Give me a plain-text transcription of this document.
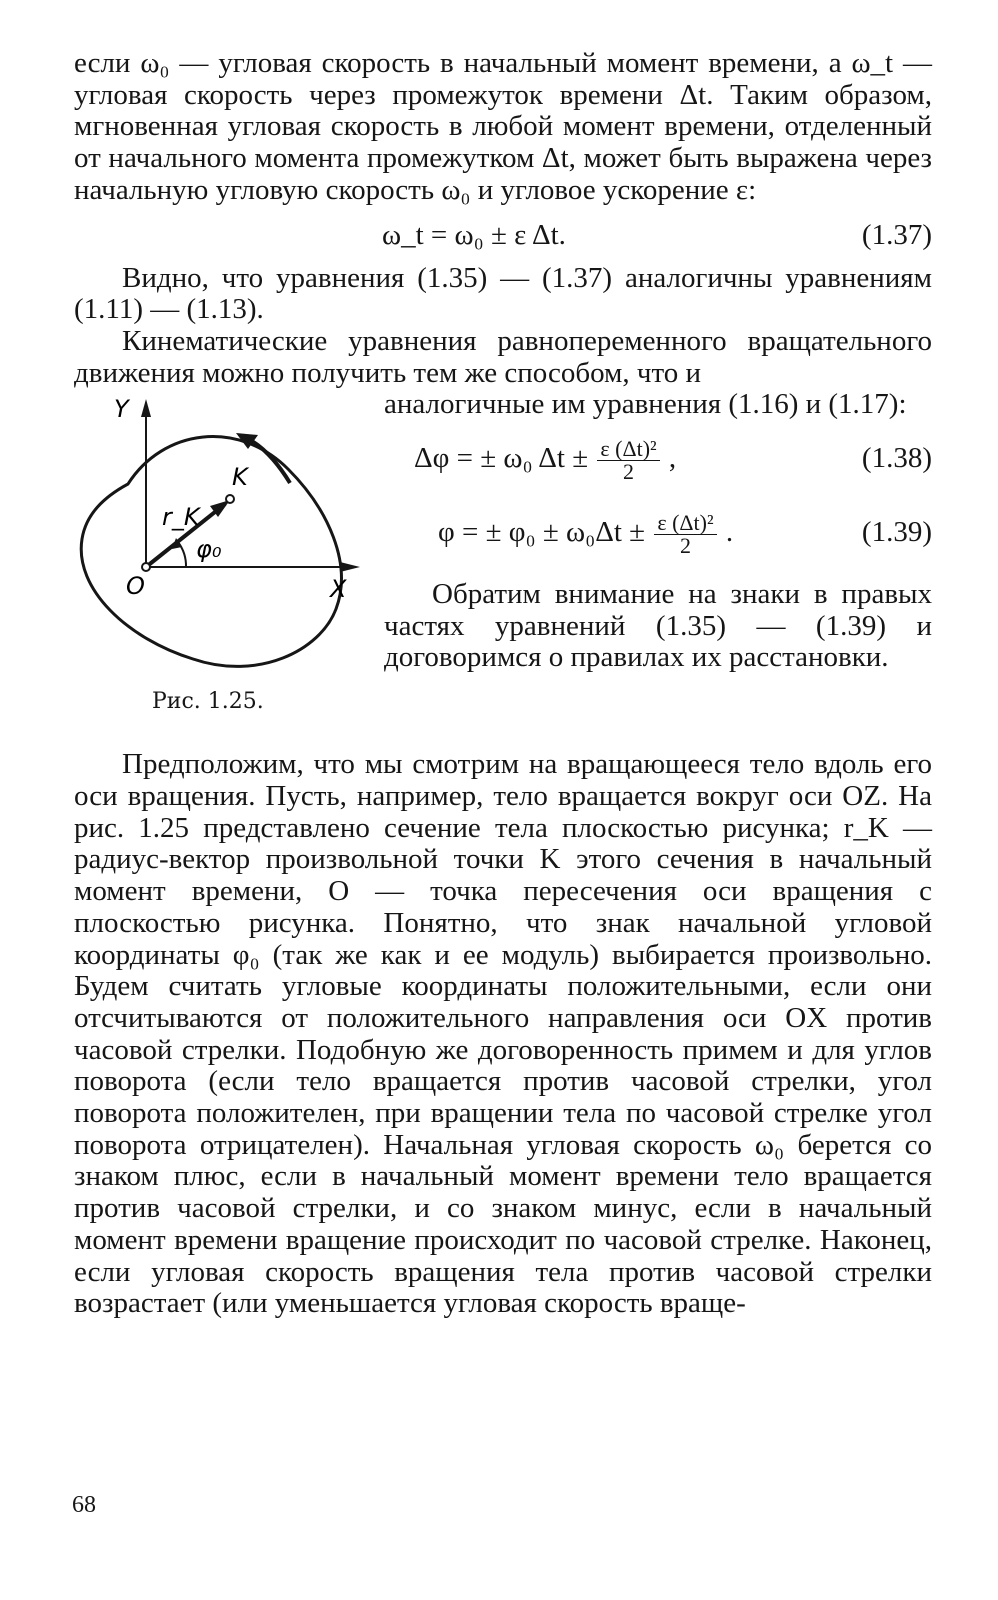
если ω₀ — угловая скорость в начальный момент времени, а ω_t — угловая скорость через промежуток времени Δt. Таким образом, мгновенная угловая скорость в любой момент времени, отделенный от начального момента промежутком Δt, может быть выражена через начальную угловую скорость ω₀ и угловое ускорение ε:

ω_t = ω₀ ± ε Δt.	(1.37)

Видно, что уравнения (1.35) — (1.37) аналогичны уравнениям (1.11) — (1.13).

Кинематические уравнения равнопеременного вращательного движения можно получить тем же способом, что и

Y
X
O
K
r_K
φ₀
Рис. 1.25.

аналогичные им уравнения (1.16) и (1.17):

Δφ = ± ω₀ $\Delta t \pm \frac{\text{ε (Δt)²}}{2}$ ,	(1.38)
φ = ± $\varphi_0 \pm \omega_0\Delta t \pm \frac{\text{ε (Δt)²}}{2}$ .	(1.39)

Обратим внимание на знаки в правых частях уравнений (1.35) — (1.39) и договоримся о правилах их расстановки.

Предположим, что мы смотрим на вращающееся тело вдоль его оси вращения. Пусть, например, тело вращается вокруг оси OZ. На рис. 1.25 представлено сечение тела плоскостью рисунка; r_K — радиус-вектор произвольной точки K этого сечения в начальный момент времени, O — точка пересечения оси вращения с плоскостью рисунка. Понятно, что знак начальной угловой координаты φ₀ (так же как и ее модуль) выбирается произвольно. Будем считать угловые координаты положительными, если они отсчитываются от положительного направления оси OX против часовой стрелки. Подобную же договоренность примем и для углов поворота (если тело вращается против часовой стрелки, угол поворота положителен, при вращении тела по часовой стрелке угол поворота отрицателен). Начальная угловая скорость ω₀ берется со знаком плюс, если в начальный момент времени тело вращается против часовой стрелки, и со знаком минус, если в начальный момент времени вращение происходит по часовой стрелке. Наконец, если угловая скорость вращения тела против часовой стрелки возрастает (или уменьшается угловая скорость враще-

68
